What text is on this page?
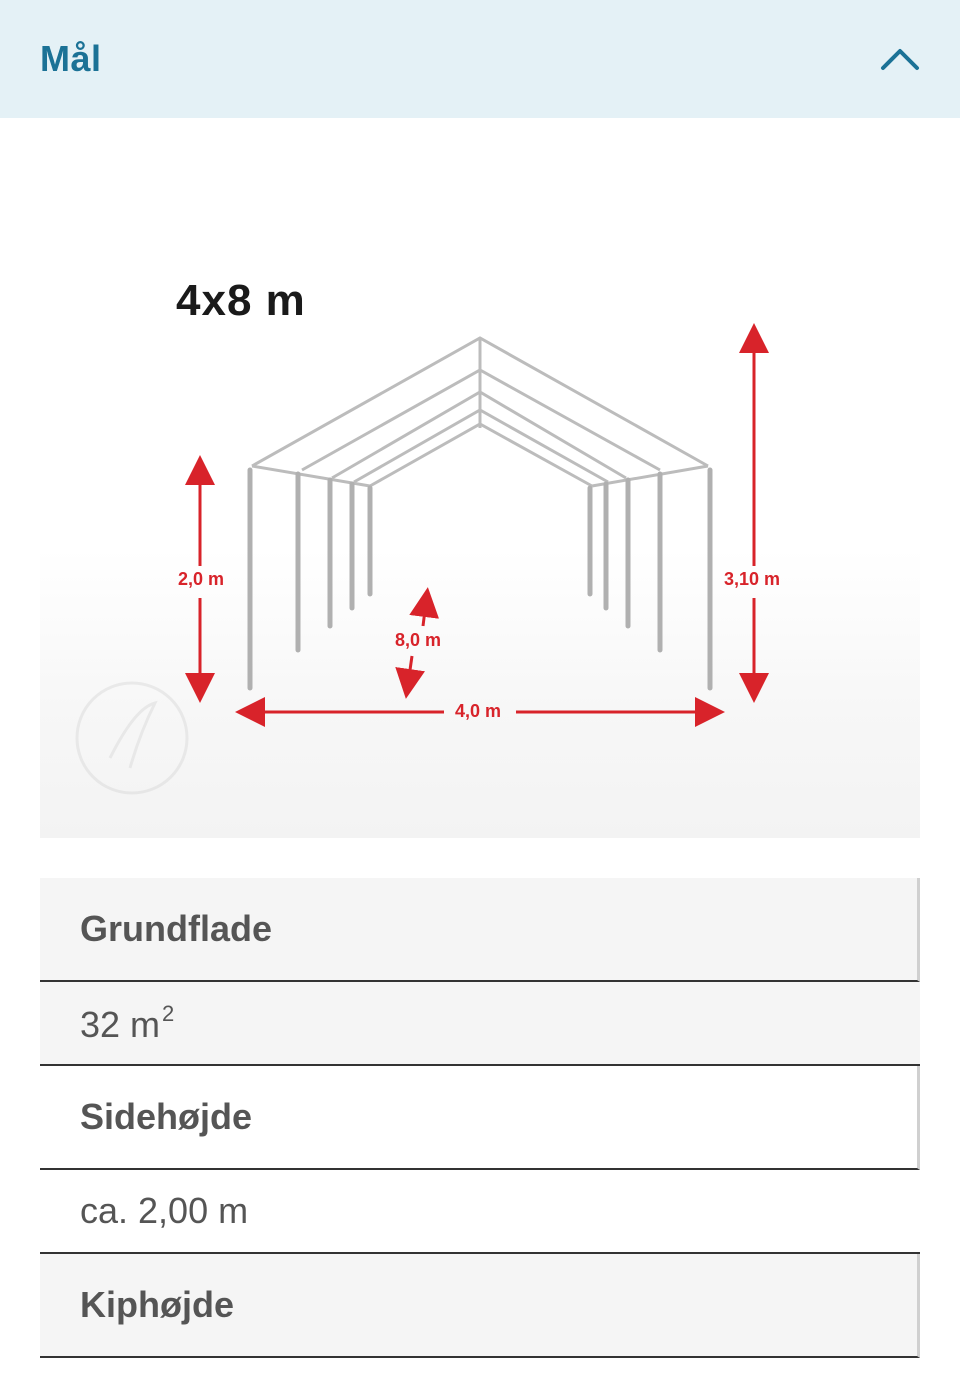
Mål
4x8 m
2,0 m	3,10 m
8,0 m
4,0 m
Grundflade
32 $m^2$
Sidehøjde
ca. 2,00 m
Kiphøjde
